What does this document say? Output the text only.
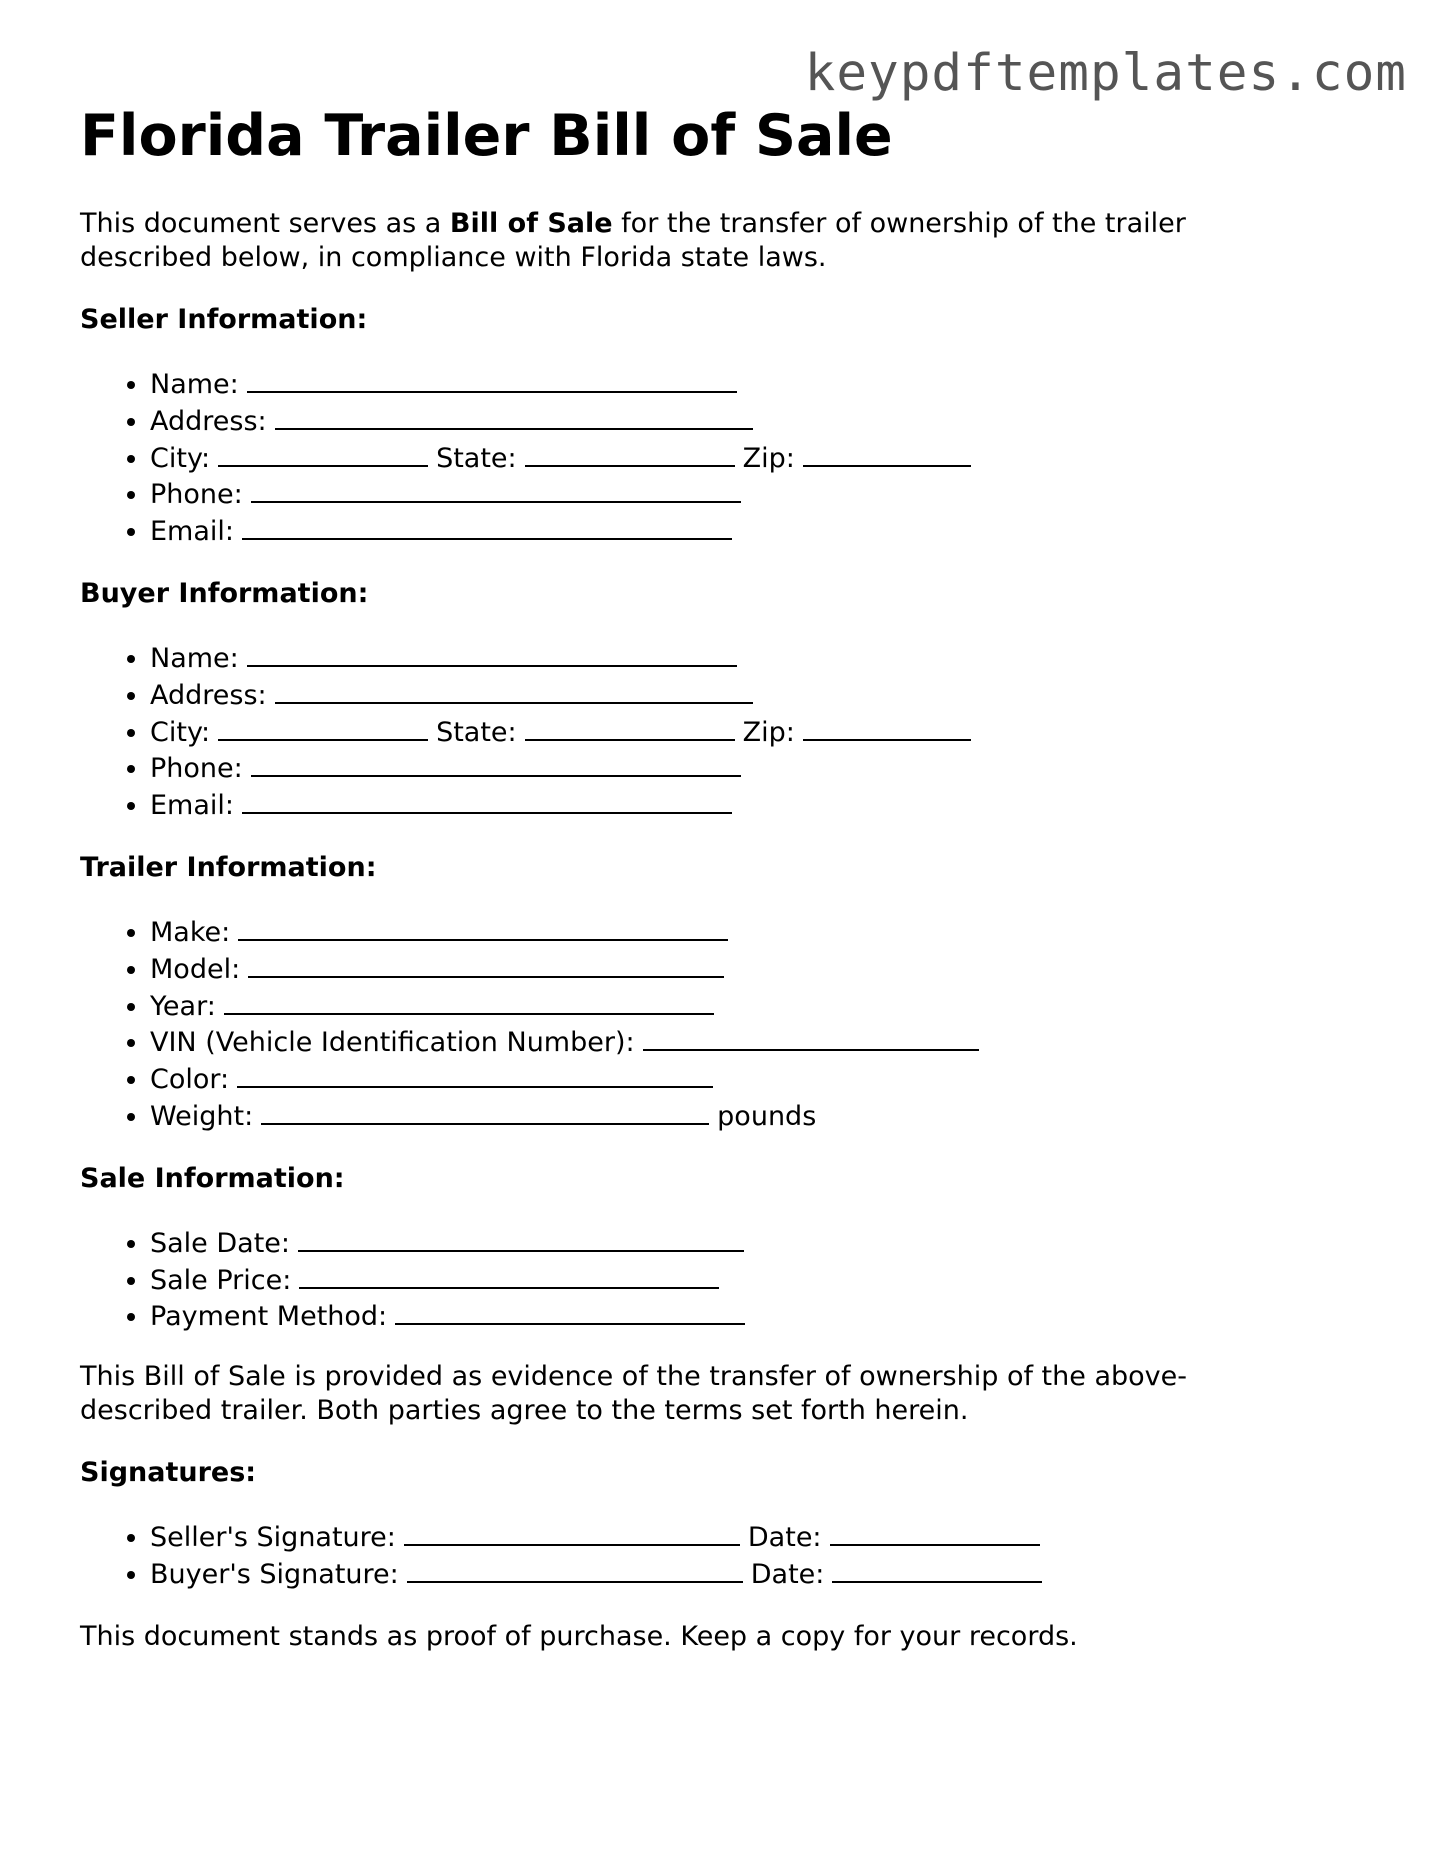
keypdftemplates.com
Florida Trailer Bill of Sale

This document serves as a Bill of Sale for the transfer of ownership of the trailer described below, in compliance with Florida state laws.

Seller Information:
• Name:
• Address:
• City:	State:	Zip:
• Phone:
• Email:
Buyer Information:
• Name:
• Address:
• City:	State:	Zip:
• Phone:
• Email:
Trailer Information:
• Make:
• Model:
• Year:
• VIN (Vehicle Identification Number):
• Color:
• Weight:	pounds
Sale Information:
• Sale Date:
• Sale Price:
• Payment Method:

This Bill of Sale is provided as evidence of the transfer of ownership of the above-described trailer. Both parties agree to the terms set forth herein.

Signatures:
• Seller's Signature:	Date:
• Buyer's Signature:	Date:

This document stands as proof of purchase. Keep a copy for your records.
